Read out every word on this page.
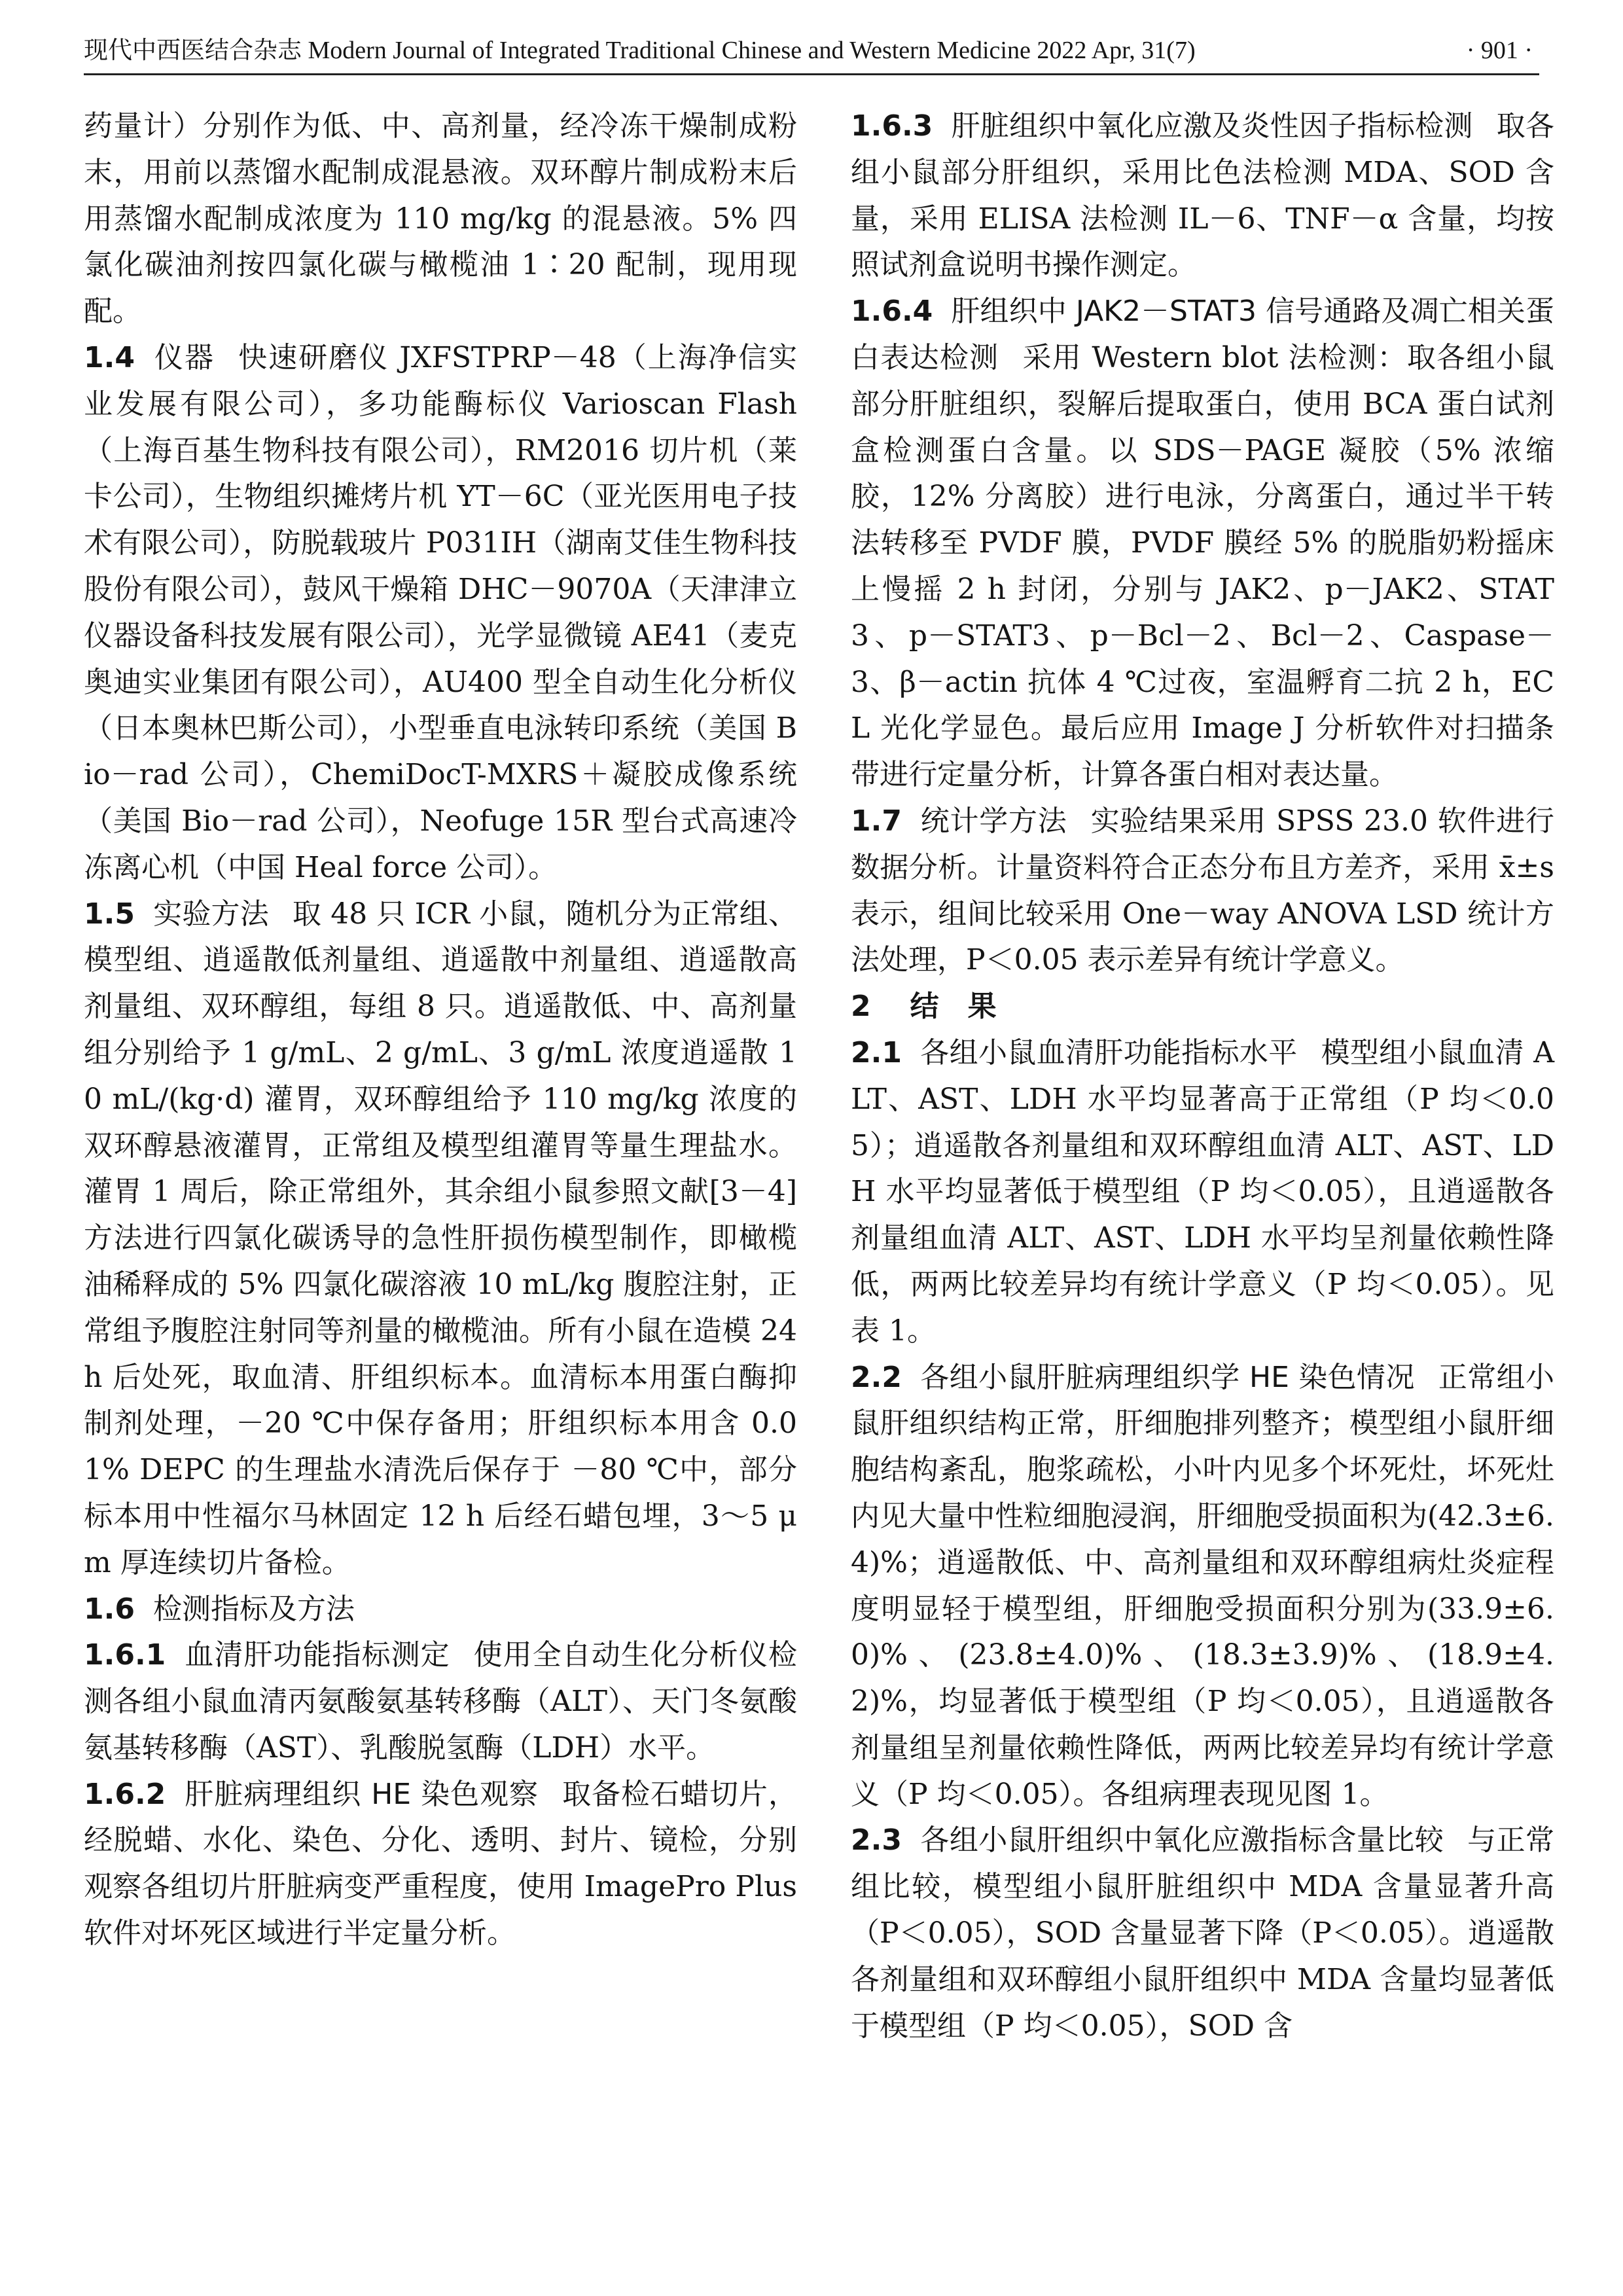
现代中西医结合杂志 Modern Journal of Integrated Traditional Chinese and Western Medicine 2022 Apr, 31(7)	· 901 ·

药量计）分别作为低、中、高剂量，经冷冻干燥制成粉末，用前以蒸馏水配制成混悬液。双环醇片制成粉末后用蒸馏水配制成浓度为 110 mg/kg 的混悬液。5% 四氯化碳油剂按四氯化碳与橄榄油 1∶20 配制，现用现配。

1.4 仪器 快速研磨仪 JXFSTPRP－48（上海净信实业发展有限公司），多功能酶标仪 Varioscan Flash（上海百基生物科技有限公司），RM2016 切片机（莱卡公司），生物组织摊烤片机 YT－6C（亚光医用电子技术有限公司），防脱载玻片 P031IH（湖南艾佳生物科技股份有限公司），鼓风干燥箱 DHC－9070A（天津津立仪器设备科技发展有限公司），光学显微镜 AE41（麦克奥迪实业集团有限公司），AU400 型全自动生化分析仪（日本奥林巴斯公司），小型垂直电泳转印系统（美国 Bio－rad 公司），ChemiDocT-MXRS＋凝胶成像系统（美国 Bio－rad 公司），Neofuge 15R 型台式高速冷冻离心机（中国 Heal force 公司）。

1.5 实验方法 取 48 只 ICR 小鼠，随机分为正常组、模型组、逍遥散低剂量组、逍遥散中剂量组、逍遥散高剂量组、双环醇组，每组 8 只。逍遥散低、中、高剂量组分别给予 1 g/mL、2 g/mL、3 g/mL 浓度逍遥散 10 mL/(kg·d) 灌胃，双环醇组给予 110 mg/kg 浓度的双环醇悬液灌胃，正常组及模型组灌胃等量生理盐水。灌胃 1 周后，除正常组外，其余组小鼠参照文献[3－4]方法进行四氯化碳诱导的急性肝损伤模型制作，即橄榄油稀释成的 5% 四氯化碳溶液 10 mL/kg 腹腔注射，正常组予腹腔注射同等剂量的橄榄油。所有小鼠在造模 24 h 后处死，取血清、肝组织标本。血清标本用蛋白酶抑制剂处理，－20 ℃中保存备用；肝组织标本用含 0.01% DEPC 的生理盐水清洗后保存于 －80 ℃中，部分标本用中性福尔马林固定 12 h 后经石蜡包埋，3～5 μm 厚连续切片备检。

1.6 检测指标及方法

1.6.1 血清肝功能指标测定 使用全自动生化分析仪检测各组小鼠血清丙氨酸氨基转移酶（ALT）、天门冬氨酸氨基转移酶（AST）、乳酸脱氢酶（LDH）水平。

1.6.2 肝脏病理组织 HE 染色观察 取备检石蜡切片，经脱蜡、水化、染色、分化、透明、封片、镜检，分别观察各组切片肝脏病变严重程度，使用 ImagePro Plus 软件对坏死区域进行半定量分析。

1.6.3 肝脏组织中氧化应激及炎性因子指标检测 取各组小鼠部分肝组织，采用比色法检测 MDA、SOD 含量，采用 ELISA 法检测 IL－6、TNF－α 含量，均按照试剂盒说明书操作测定。

1.6.4 肝组织中 JAK2－STAT3 信号通路及凋亡相关蛋白表达检测 采用 Western blot 法检测：取各组小鼠部分肝脏组织，裂解后提取蛋白，使用 BCA 蛋白试剂盒检测蛋白含量。以 SDS－PAGE 凝胶（5% 浓缩胶，12% 分离胶）进行电泳，分离蛋白，通过半干转法转移至 PVDF 膜，PVDF 膜经 5% 的脱脂奶粉摇床上慢摇 2 h 封闭，分别与 JAK2、p－JAK2、STAT3、p－STAT3、p－Bcl－2、Bcl－2、Caspase－3、β－actin 抗体 4 ℃过夜，室温孵育二抗 2 h，ECL 光化学显色。最后应用 Image J 分析软件对扫描条带进行定量分析，计算各蛋白相对表达量。

1.7 统计学方法 实验结果采用 SPSS 23.0 软件进行数据分析。计量资料符合正态分布且方差齐，采用 x̄±s 表示，组间比较采用 One－way ANOVA LSD 统计方法处理，P＜0.05 表示差异有统计学意义。

2 结　果

2.1 各组小鼠血清肝功能指标水平 模型组小鼠血清 ALT、AST、LDH 水平均显著高于正常组（P 均＜0.05）；逍遥散各剂量组和双环醇组血清 ALT、AST、LDH 水平均显著低于模型组（P 均＜0.05），且逍遥散各剂量组血清 ALT、AST、LDH 水平均呈剂量依赖性降低，两两比较差异均有统计学意义（P 均＜0.05）。见表 1。

2.2 各组小鼠肝脏病理组织学 HE 染色情况 正常组小鼠肝组织结构正常，肝细胞排列整齐；模型组小鼠肝细胞结构紊乱，胞浆疏松，小叶内见多个坏死灶，坏死灶内见大量中性粒细胞浸润，肝细胞受损面积为(42.3±6.4)%；逍遥散低、中、高剂量组和双环醇组病灶炎症程度明显轻于模型组，肝细胞受损面积分别为(33.9±6.0)%、(23.8±4.0)%、(18.3±3.9)%、(18.9±4.2)%，均显著低于模型组（P 均＜0.05），且逍遥散各剂量组呈剂量依赖性降低，两两比较差异均有统计学意义（P 均＜0.05）。各组病理表现见图 1。

2.3 各组小鼠肝组织中氧化应激指标含量比较 与正常组比较，模型组小鼠肝脏组织中 MDA 含量显著升高（P＜0.05），SOD 含量显著下降（P＜0.05）。逍遥散各剂量组和双环醇组小鼠肝组织中 MDA 含量均显著低于模型组（P 均＜0.05），SOD 含
